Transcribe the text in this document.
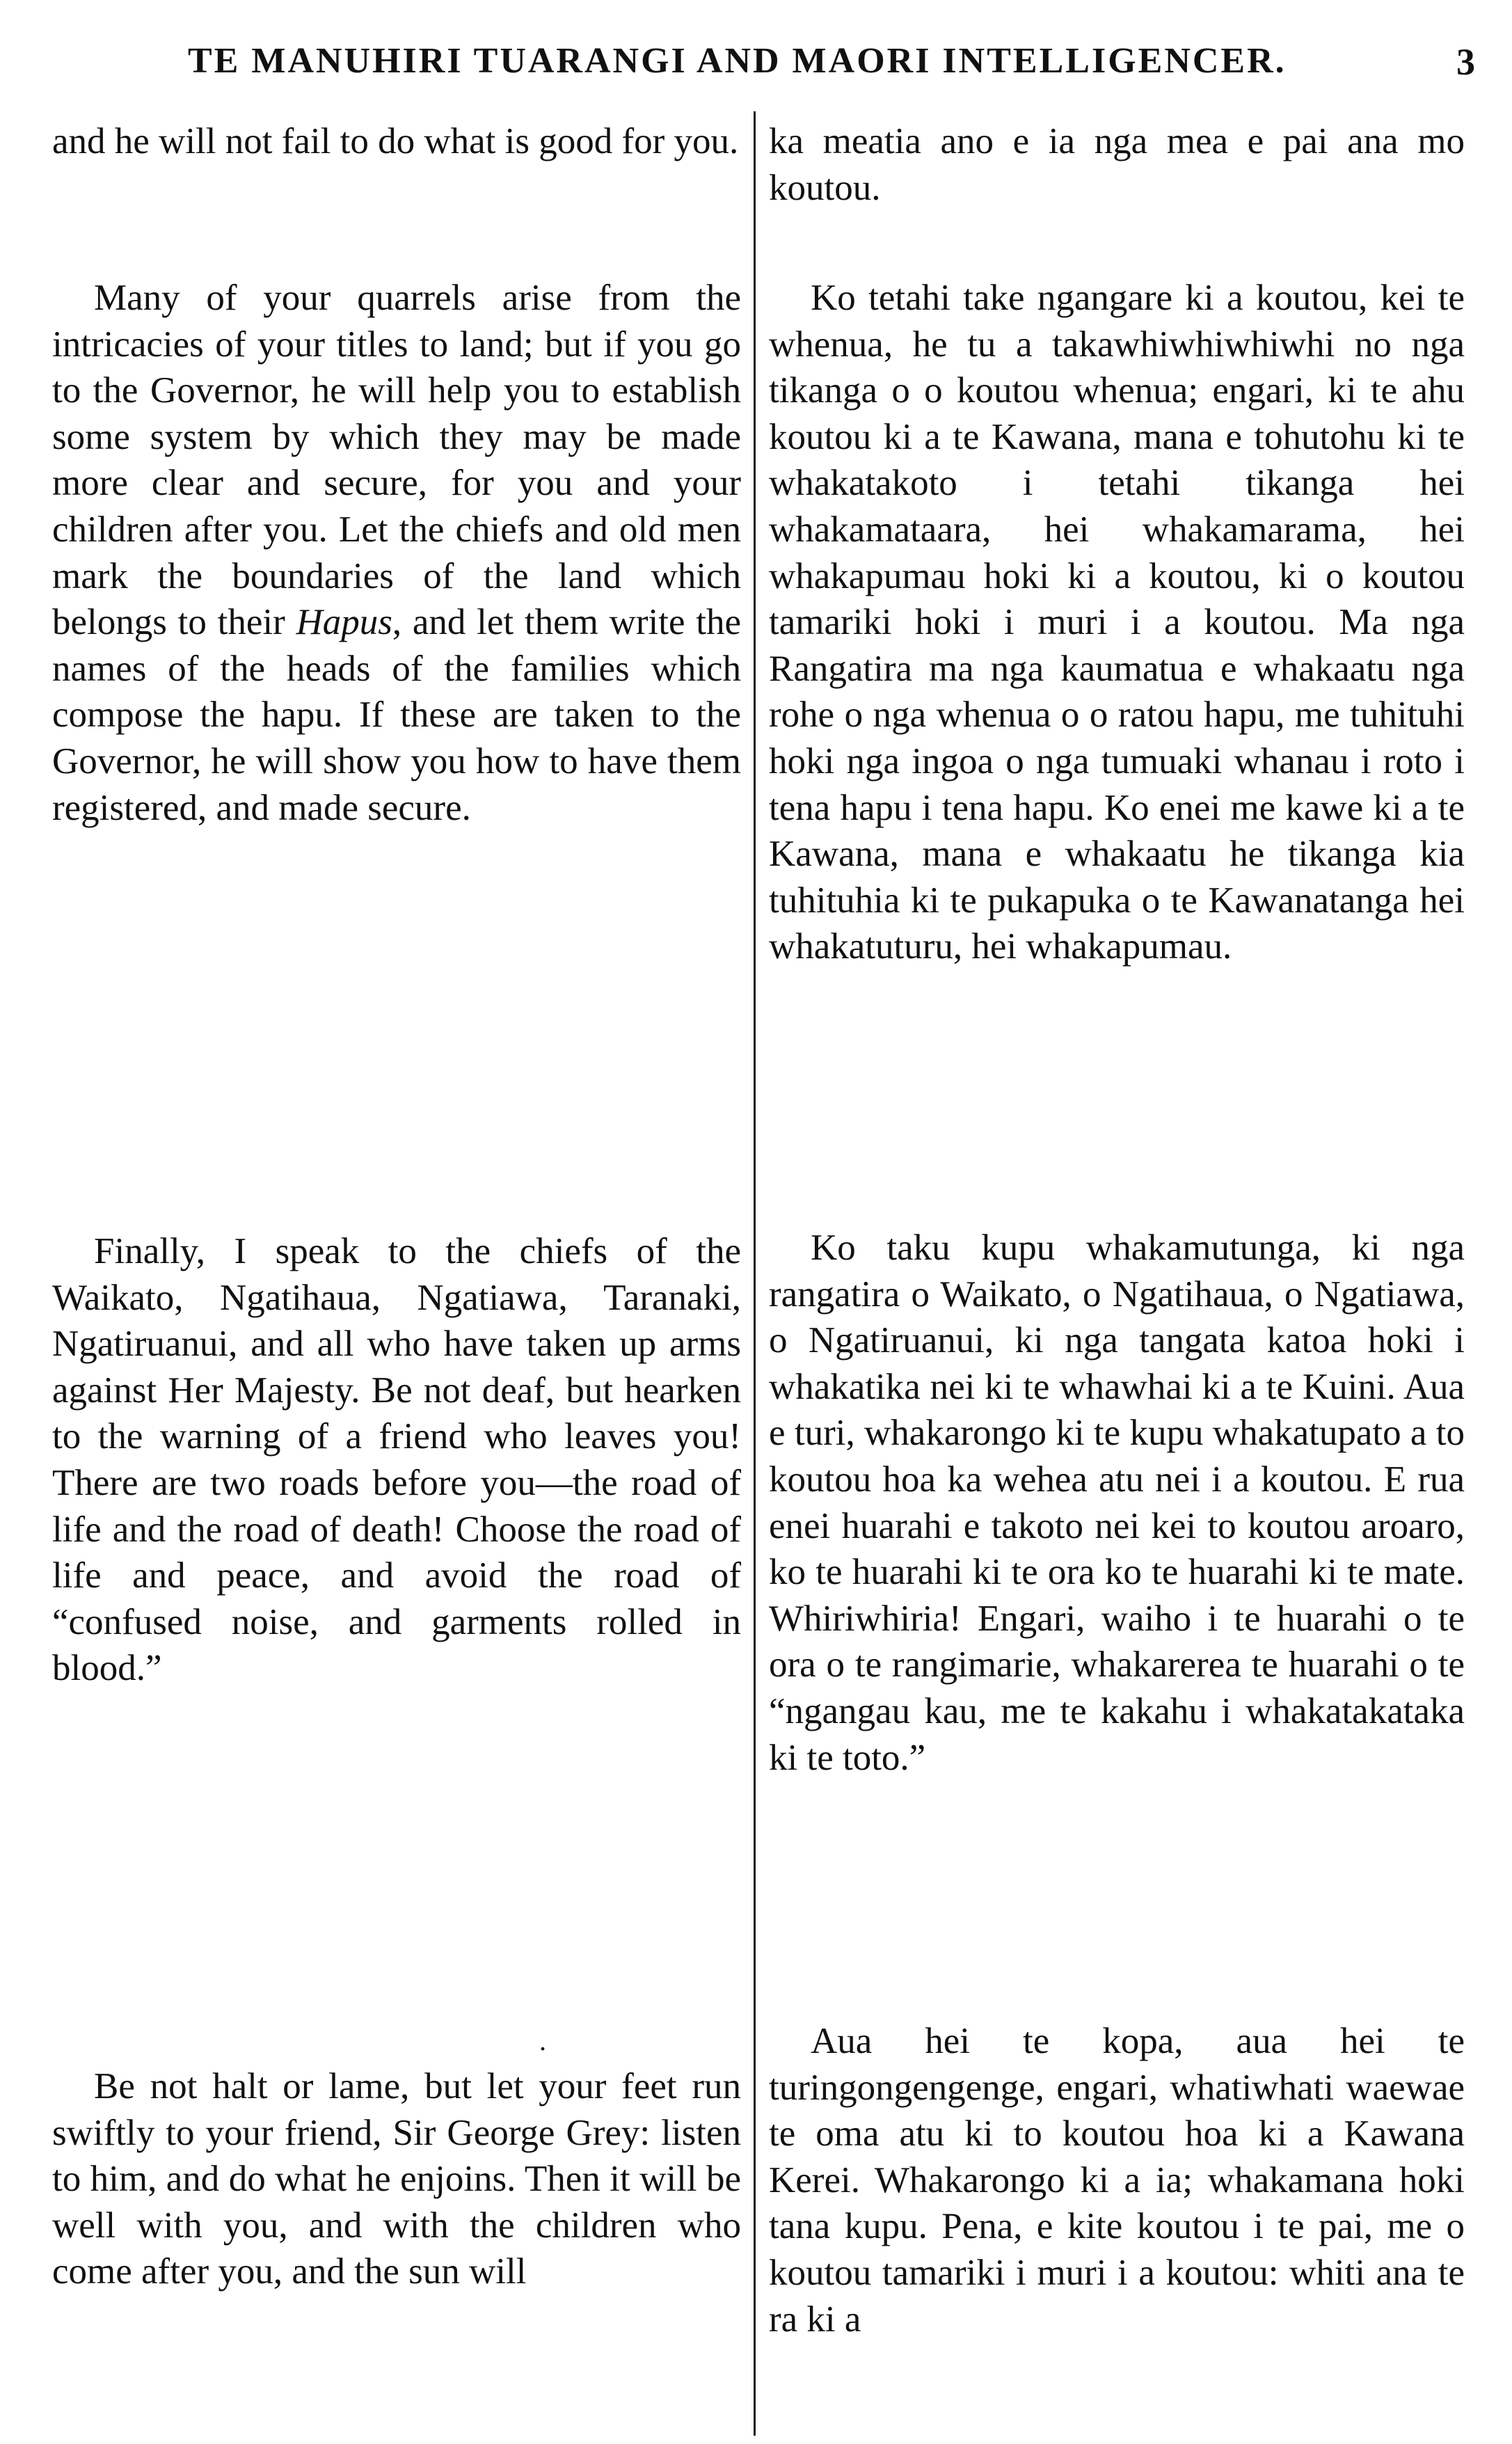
TE MANUHIRI TUARANGI AND MAORI INTELLIGENCER.	3

and he will not fail to do what is good for you.

Many of your quarrels arise from the intricacies of your titles to land; but if you go to the Governor, he will help you to establish some system by which they may be made more clear and secure, for you and your children after you. Let the chiefs and old men mark the boundaries of the land which belongs to their Hapus, and let them write the names of the heads of the families which compose the hapu. If these are taken to the Governor, he will show you how to have them registered, and made secure.

Finally, I speak to the chiefs of the Waikato, Ngatihaua, Ngatiawa, Taranaki, Ngatiruanui, and all who have taken up arms against Her Majesty. Be not deaf, but hearken to the warning of a friend who leaves you! There are two roads before you—the road of life and the road of death! Choose the road of life and peace, and avoid the road of “confused noise, and garments rolled in blood.”

.

Be not halt or lame, but let your feet run swiftly to your friend, Sir George Grey: listen to him, and do what he enjoins. Then it will be well with you, and with the children who come after you, and the sun will

ka meatia ano e ia nga mea e pai ana mo koutou.

Ko tetahi take ngangare ki a koutou, kei te whenua, he tu a takawhiwhiwhiwhi no nga tikanga o o koutou whenua; engari, ki te ahu koutou ki a te Kawana, mana e tohutohu ki te whakatakoto i tetahi tikanga hei whakamataara, hei whakamarama, hei whakapumau hoki ki a koutou, ki o koutou tamariki hoki i muri i a koutou. Ma nga Rangatira ma nga kaumatua e whakaatu nga rohe o nga whenua o o ratou hapu, me tuhituhi hoki nga ingoa o nga tumuaki whanau i roto i tena hapu i tena hapu. Ko enei me kawe ki a te Kawana, mana e whakaatu he tikanga kia tuhituhia ki te pukapuka o te Kawanatanga hei whakatuturu, hei whakapumau.

Ko taku kupu whakamutunga, ki nga rangatira o Waikato, o Ngatihaua, o Ngatiawa, o Ngatiruanui, ki nga tangata katoa hoki i whakatika nei ki te whawhai ki a te Kuini. Aua e turi, whakarongo ki te kupu whakatupato a to koutou hoa ka wehea atu nei i a koutou. E rua enei huarahi e takoto nei kei to koutou aroaro, ko te huarahi ki te ora ko te huarahi ki te mate. Whiriwhiria! Engari, waiho i te huarahi o te ora o te rangimarie, whakarerea te huarahi o te “ngangau kau, me te kakahu i whakatakataka ki te toto.”

Aua hei te kopa, aua hei te turingongengenge, engari, whatiwhati waewae te oma atu ki to koutou hoa ki a Kawana Kerei. Whakarongo ki a ia; whakamana hoki tana kupu. Pena, e kite koutou i te pai, me o koutou tamariki i muri i a koutou: whiti ana te ra ki a
